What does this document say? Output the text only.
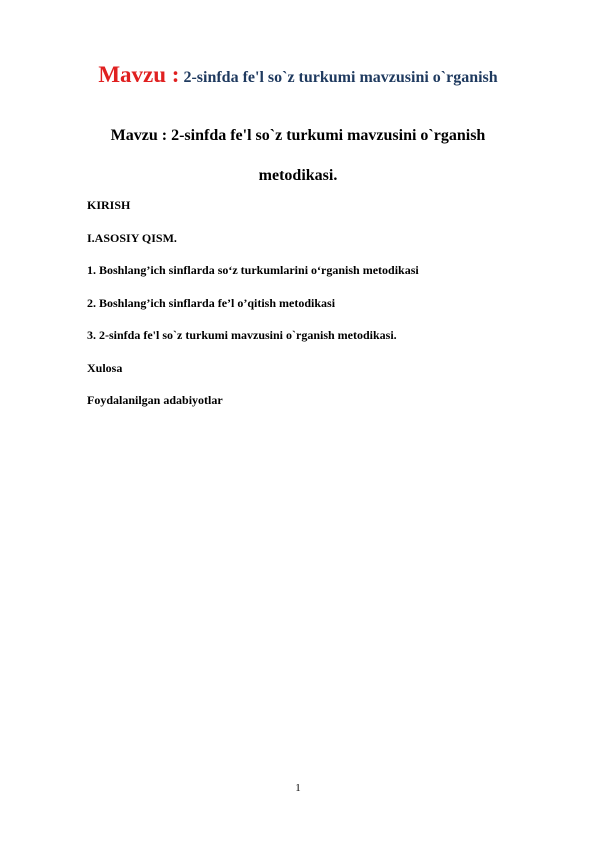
Mavzu : 2-sinfda fe'l so`z turkumi mavzusini o`rganish
Mavzu : 2-sinfda fe'l so`z turkumi mavzusini o`rganish
metodikasi.
KIRISH
I.ASOSIY QISM.
1. Boshlang’ich sinflarda so‘z turkumlarini o‘rganish metodikasi
2. Boshlang’ich sinflarda fe’l o’qitish metodikasi
3. 2-sinfda fe'l so`z turkumi mavzusini o`rganish metodikasi.
Xulosa
Foydalanilgan adabiyotlar
1
